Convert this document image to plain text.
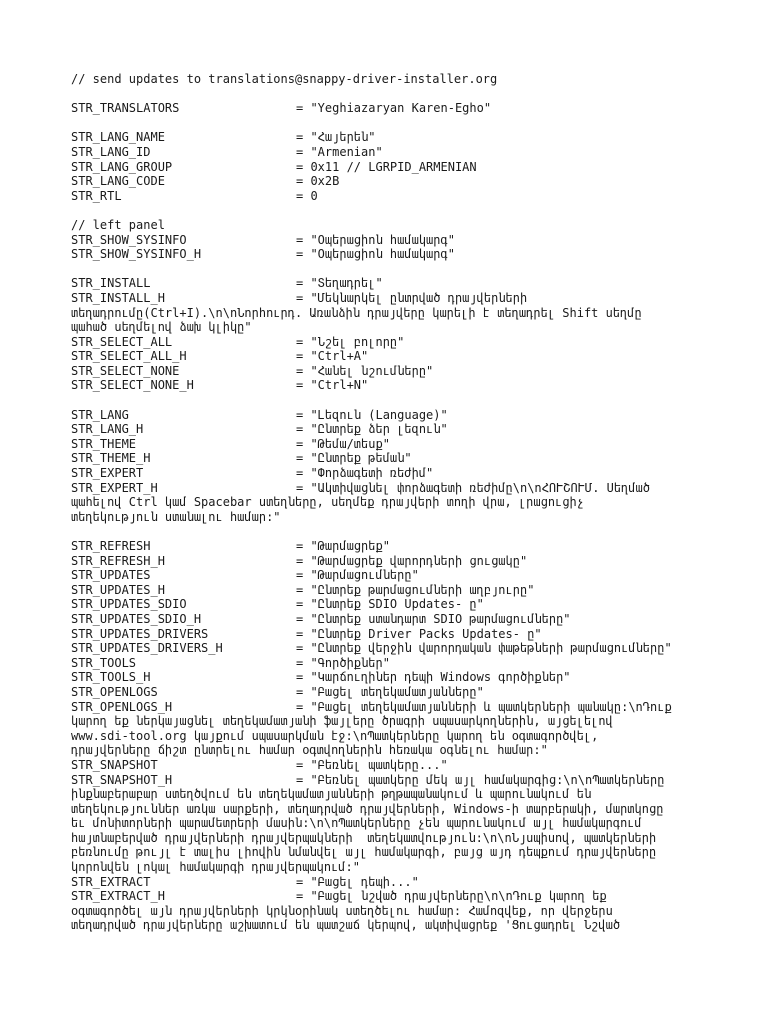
// send updates to translations@snappy-driver-installer.org
STR_TRANSLATORS	= "Yeghiazaryan Karen-Egho"
STR_LANG_NAME	= "Հայերեն"
STR_LANG_ID	= "Armenian"
STR_LANG_GROUP	= 0x11 // LGRPID_ARMENIAN
STR_LANG_CODE	= 0x2B
STR_RTL	= 0
// left panel
STR_SHOW_SYSINFO	= "Օպերացիոն համակարգ"
STR_SHOW_SYSINFO_H	= "Օպերացիոն համակարգ"
STR_INSTALL	= "Տեղադրել"
STR_INSTALL_H	= "Մեկնարկել ընտրված դրայվերների
տեղադրումը(Ctrl+I).\n\nՆորհուրդ. Առանձին դրայվերը կարելի է տեղադրել Shift սեղմը
պահած սեղմելով ձախ կլիկը"
STR_SELECT_ALL	= "Նշել բոլորը"
STR_SELECT_ALL_H	= "Ctrl+A"
STR_SELECT_NONE	= "Հանել նշումները"
STR_SELECT_NONE_H	= "Ctrl+N"
STR_LANG	= "Լեզուն (Language)"
STR_LANG_H	= "Ընտրեք ձեր լեզուն"
STR_THEME	= "Թեմա/տեսք"
STR_THEME_H	= "Ընտրեք թեման"
STR_EXPERT	= "Փորձագետի ռեժիմ"
STR_EXPERT_H	= "Ակտիվացնել փորձագետի ռեժիմը\n\nՀՈՒՇՈՒՄ. Սեղմած
պահելով Ctrl կամ Spacebar ստեղները, սեղմեք դրայվերի տողի վրա, լրացուցիչ
տեղեկություն ստանալու համար:"
STR_REFRESH	= "Թարմացրեք"
STR_REFRESH_H	= "Թարմացրեք վարորդների ցուցակը"
STR_UPDATES	= "Թարմացումները"
STR_UPDATES_H	= "Ընտրեք թարմացումների աղբյուրը"
STR_UPDATES_SDIO	= "Ընտրեք SDIO Updates- ը"
STR_UPDATES_SDIO_H	= "Ընտրեք ստանդարտ SDIO թարմացումները"
STR_UPDATES_DRIVERS	= "Ընտրեք Driver Packs Updates- ը"
STR_UPDATES_DRIVERS_H	= "Ընտրեք վերջին վարորդական փաթեթների թարմացումները"
STR_TOOLS	= "Գործիքներ"
STR_TOOLS_H	= "Կարճուղիներ դեպի Windows գործիքներ"
STR_OPENLOGS	= "Բացել տեղեկամատյանները"
STR_OPENLOGS_H	= "Բացել տեղեկամատյանների և պատկերների պանակը:\nԴուք
կարող եք ներկայացնել տեղեկամատյանի ֆայլերը ծրագրի սպասարկողներին, այցելելով
www.sdi-tool.org կայքում սպասարկման էջ:\nՊատկերները կարող են օգտագործվել,
դրայվերները ճիշտ ընտրելու համար օգտվողներին հեռակա օգնելու համար:"
STR_SNAPSHOT	= "Բեռնել պատկերը..."
STR_SNAPSHOT_H	= "Բեռնել պատկերը մեկ այլ համակարգից:\n\nՊատկերները
ինքնաբերաբար ստեղծվում են տեղեկամատյանների թղթապանակում և պարունակում են
տեղեկություններ առկա սարքերի, տեղադրված դրայվերների, Windows-ի տարբերակի, մարտկոցը
եւ մոնիտորների պարամետրերի մասին:\n\nՊատկերները չեն պարունակում այլ համակարգում
հայտնաբերված դրայվերների դրայվերպակների  տեղեկատվություն:\n\nՆյսպիսով, պատկերների
բեռնումը թույլ է տալիս լիովին նմանվել այլ համակարգի, բայց այդ դեպքում դրայվերները
կորոնվեն լոկալ համակարգի դրայվերպակում:"
STR_EXTRACT	= "Բացել դեպի..."
STR_EXTRACT_H	= "Բացել նշված դրայվերները\n\nԴուք կարող եք
օգտագործել այն դրայվերների կրկնօրինակ ստեղծելու համար: Համոզվեք, որ վերջերս
տեղադրված դրայվերները աշխատում են պատշաճ կերպով, ակտիվացրեք 'Ցուցադրել Նշված
